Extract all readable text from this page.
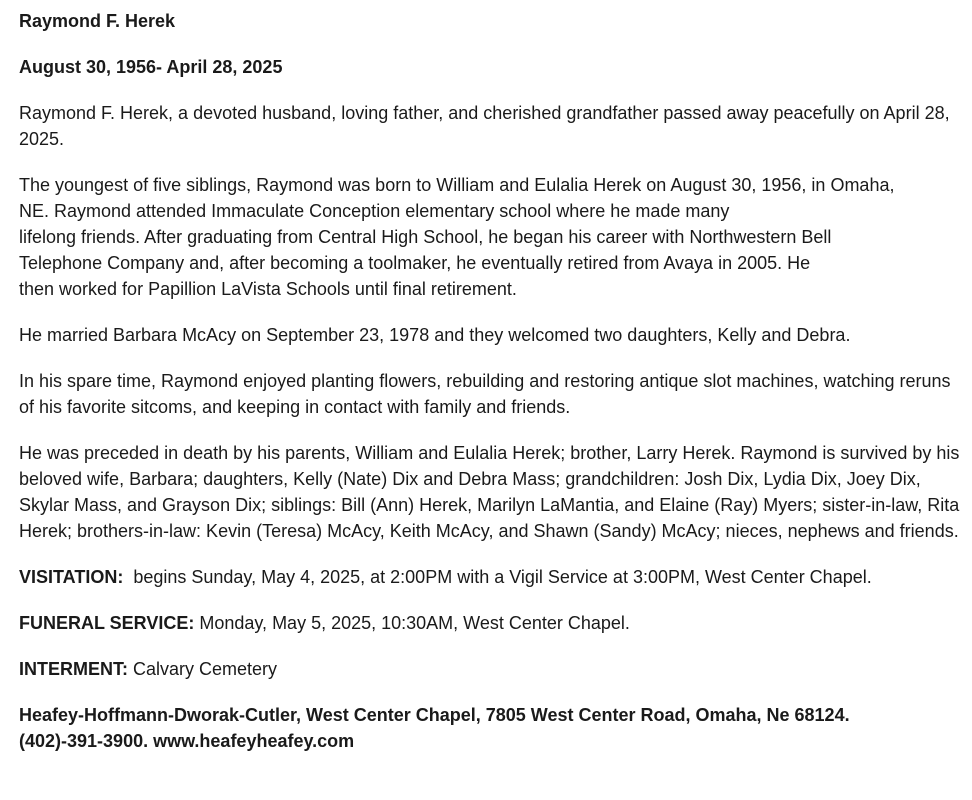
Raymond F. Herek

August 30, 1956- April 28, 2025

Raymond F. Herek, a devoted husband, loving father, and cherished grandfather passed away peacefully on April 28, 2025.

The youngest of five siblings, Raymond was born to William and Eulalia Herek on August 30, 1956, in Omaha,
NE. Raymond attended Immaculate Conception elementary school where he made many
lifelong friends. After graduating from Central High School, he began his career with Northwestern Bell
Telephone Company and, after becoming a toolmaker, he eventually retired from Avaya in 2005. He
then worked for Papillion LaVista Schools until final retirement.

He married Barbara McAcy on September 23, 1978 and they welcomed two daughters, Kelly and Debra.

In his spare time, Raymond enjoyed planting flowers, rebuilding and restoring antique slot machines, watching reruns of his favorite sitcoms, and keeping in contact with family and friends.

He was preceded in death by his parents, William and Eulalia Herek; brother, Larry Herek. Raymond is survived by his beloved wife, Barbara; daughters, Kelly (Nate) Dix and Debra Mass; grandchildren: Josh Dix, Lydia Dix, Joey Dix, Skylar Mass, and Grayson Dix; siblings: Bill (Ann) Herek, Marilyn LaMantia, and Elaine (Ray) Myers; sister-in-law, Rita Herek; brothers-in-law: Kevin (Teresa) McAcy, Keith McAcy, and Shawn (Sandy) McAcy; nieces, nephews and friends.

VISITATION:  begins Sunday, May 4, 2025, at 2:00PM with a Vigil Service at 3:00PM, West Center Chapel.

FUNERAL SERVICE: Monday, May 5, 2025, 10:30AM, West Center Chapel.

INTERMENT: Calvary Cemetery

Heafey-Hoffmann-Dworak-Cutler, West Center Chapel, 7805 West Center Road, Omaha, Ne 68124.
(402)-391-3900. www.heafeyheafey.com
